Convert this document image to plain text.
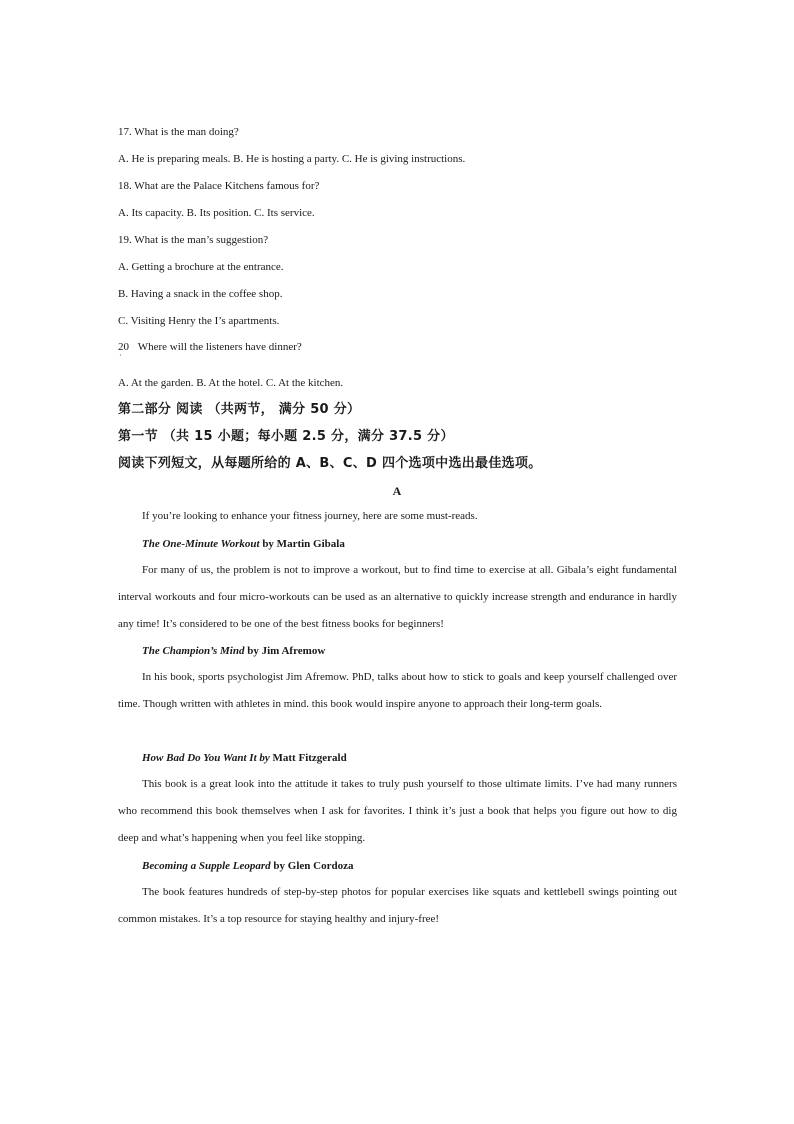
17. What is the man doing?
A. He is preparing meals. B. He is hosting a party. C. He is giving instructions.
18. What are the Palace Kitchens famous for?
A. Its capacity. B. Its position. C. Its service.
19. What is the man’s suggestion?
A. Getting a brochure at the entrance.
B. Having a snack in the coffee shop.
C. Visiting Henry the I’s apartments.
20 Where will the listeners have dinner?
·
A. At the garden. B. At the hotel. C. At the kitchen.
第二部分 阅读 （共两节， 满分 50 分）
第一节 （共 15 小题；每小题 2.5 分，满分 37.5 分）
阅读下列短文，从每题所给的 A、B、C、D 四个选项中选出最佳选项。
A
If you’re looking to enhance your fitness journey, here are some must-reads.
The One-Minute Workout by Martin Gibala
For many of us, the problem is not to improve a workout, but to find time to exercise at all. Gibala’s eight fundamental interval workouts and four micro-workouts can be used as an alternative to quickly increase strength and endurance in hardly any time! It’s considered to be one of the best fitness books for beginners!
The Champion’s Mind by Jim Afremow
In his book, sports psychologist Jim Afremow. PhD, talks about how to stick to goals and keep yourself challenged over time. Though written with athletes in mind. this book would inspire anyone to approach their long-term goals.
How Bad Do You Want It by Matt Fitzgerald
This book is a great look into the attitude it takes to truly push yourself to those ultimate limits. I’ve had many runners who recommend this book themselves when I ask for favorites. I think it’s just a book that helps you figure out how to dig deep and what’s happening when you feel like stopping.
Becoming a Supple Leopard by Glen Cordoza
The book features hundreds of step-by-step photos for popular exercises like squats and kettlebell swings pointing out common mistakes. It’s a top resource for staying healthy and injury-free!
